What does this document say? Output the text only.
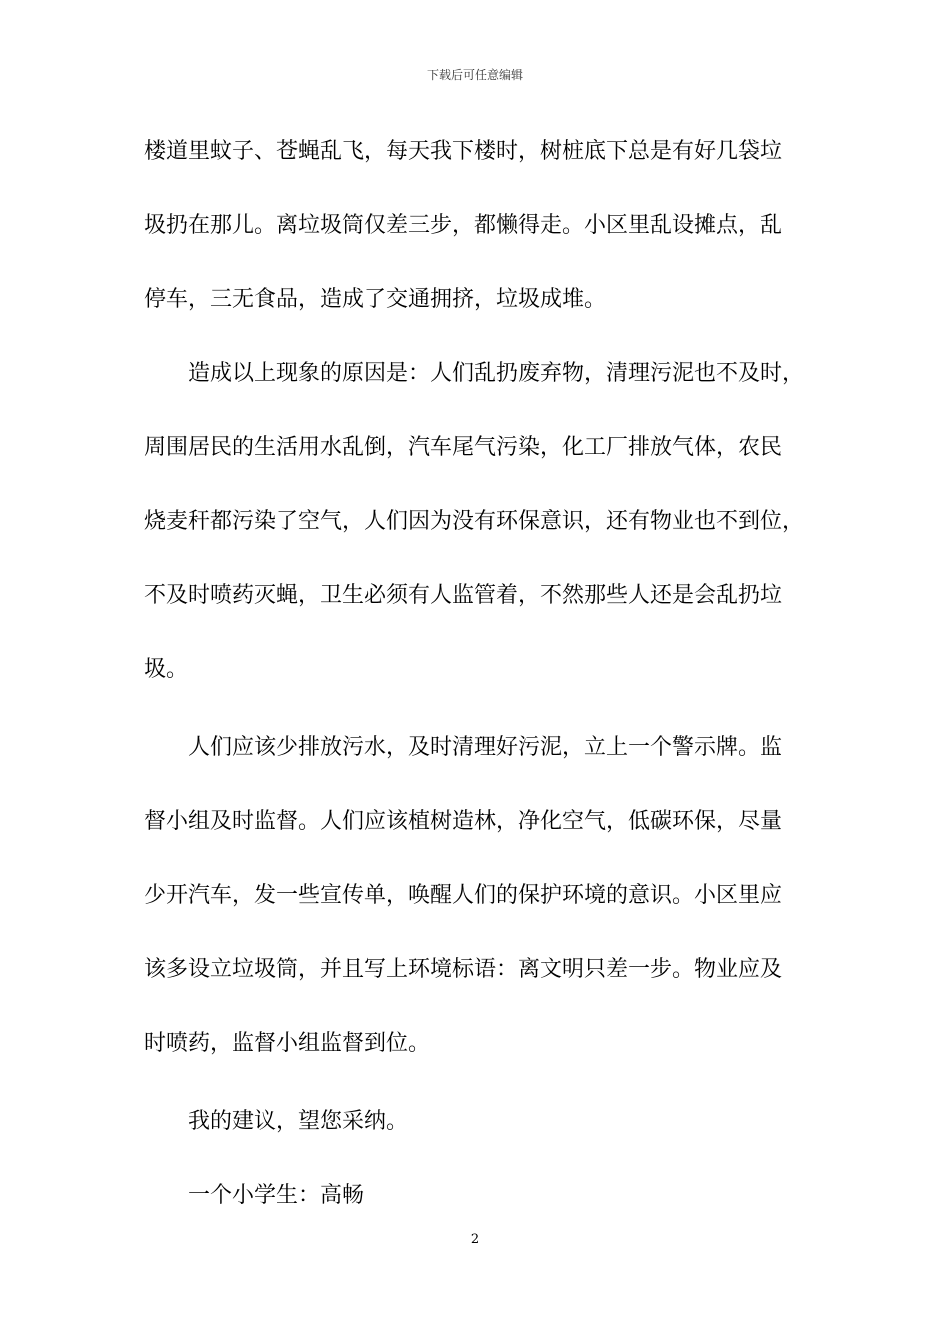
下载后可任意编辑
楼道里蚊子、苍蝇乱飞，每天我下楼时，树桩底下总是有好几袋垃
圾扔在那儿。离垃圾筒仅差三步，都懒得走。小区里乱设摊点，乱
停车，三无食品，造成了交通拥挤，垃圾成堆。
造成以上现象的原因是：人们乱扔废弃物，清理污泥也不及时，
周围居民的生活用水乱倒，汽车尾气污染，化工厂排放气体，农民
烧麦秆都污染了空气，人们因为没有环保意识，还有物业也不到位，
不及时喷药灭蝇，卫生必须有人监管着，不然那些人还是会乱扔垃
圾。
人们应该少排放污水，及时清理好污泥，立上一个警示牌。监
督小组及时监督。人们应该植树造林，净化空气，低碳环保，尽量
少开汽车，发一些宣传单，唤醒人们的保护环境的意识。小区里应
该多设立垃圾筒，并且写上环境标语：离文明只差一步。物业应及
时喷药，监督小组监督到位。
我的建议，望您采纳。
一个小学生：高畅
2
